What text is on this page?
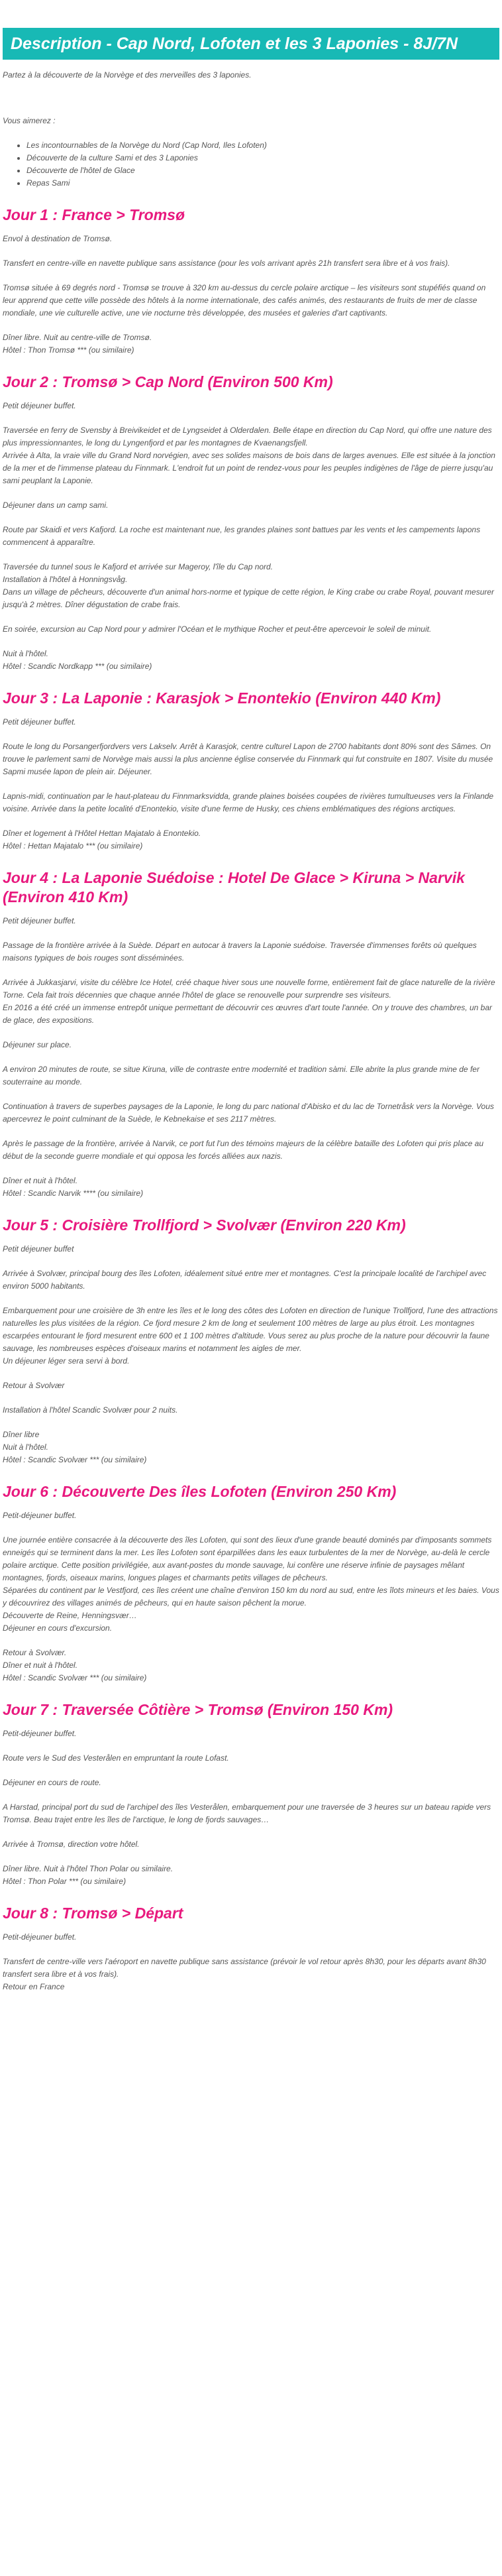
Description - Cap Nord, Lofoten et les 3 Laponies - 8J/7N

Partez à la découverte de la Norvège et des merveilles des 3 laponies.

Vous aimerez :

• Les incontournables de la Norvège du Nord (Cap Nord, Iles Lofoten)
• Découverte de la culture Sami et des 3 Laponies
• Découverte de l'hôtel de Glace
• Repas Sami
Jour 1 : France > Tromsø

Envol à destination de Tromsø.

Transfert en centre-ville en navette publique sans assistance (pour les vols arrivant après 21h transfert sera libre et à vos frais).

Tromsø située à 69 degrés nord - Tromsø se trouve à 320 km au-dessus du cercle polaire arctique – les visiteurs sont stupéfiés quand on leur apprend que cette ville possède des hôtels à la norme internationale, des cafés animés, des restaurants de fruits de mer de classe mondiale, une vie culturelle active, une vie nocturne très développée, des musées et galeries d'art captivants.

Dîner libre. Nuit au centre-ville de Tromsø.

Hôtel : Thon Tromsø *** (ou similaire)

Jour 2 : Tromsø > Cap Nord (Environ 500 Km)

Petit déjeuner buffet.

Traversée en ferry de Svensby à Breivikeidet et de Lyngseidet à Olderdalen. Belle étape en direction du Cap Nord, qui offre une nature des plus impressionnantes, le long du Lyngenfjord et par les montagnes de Kvaenangsfjell.

Arrivée à Alta, la vraie ville du Grand Nord norvégien, avec ses solides maisons de bois dans de larges avenues. Elle est située à la jonction de la mer et de l'immense plateau du Finnmark. L'endroit fut un point de rendez-vous pour les peuples indigènes de l'âge de pierre jusqu'au sami peuplant la Laponie.

Déjeuner dans un camp sami.

Route par Skaidi et vers Kafjord. La roche est maintenant nue, les grandes plaines sont battues par les vents et les campements lapons commencent à apparaître.

Traversée du tunnel sous le Kafjord et arrivée sur Mageroy, l'île du Cap nord.

Installation à l'hôtel à Honningsvåg.

Dans un village de pêcheurs, découverte d'un animal hors-norme et typique de cette région, le King crabe ou crabe Royal, pouvant mesurer jusqu'à 2 mètres. Dîner dégustation de crabe frais.

En soirée, excursion au Cap Nord pour y admirer l'Océan et le mythique Rocher et peut-être apercevoir le soleil de minuit.

Nuit à l'hôtel.

Hôtel : Scandic Nordkapp *** (ou similaire)

Jour 3 : La Laponie : Karasjok > Enontekio (Environ 440 Km)

Petit déjeuner buffet.

Route le long du Porsangerfjordvers vers Lakselv. Arrêt à Karasjok, centre culturel Lapon de 2700 habitants dont 80% sont des Sâmes. On trouve le parlement sami de Norvège mais aussi la plus ancienne église conservée du Finnmark qui fut construite en 1807. Visite du musée Sapmi musée lapon de plein air. Déjeuner.

Lapnis-midi, continuation par le haut-plateau du Finnmarksvidda, grande plaines boisées coupées de rivières tumultueuses vers la Finlande voisine. Arrivée dans la petite localité d'Enontekio, visite d'une ferme de Husky, ces chiens emblématiques des régions arctiques.

Dîner et logement à l'Hôtel Hettan Majatalo à Enontekio.

Hôtel : Hettan Majatalo *** (ou similaire)

Jour 4 : La Laponie Suédoise : Hotel De Glace > Kiruna > Narvik (Environ 410 Km)

Petit déjeuner buffet.

Passage de la frontière arrivée à la Suède. Départ en autocar à travers la Laponie suédoise. Traversée d'immenses forêts où quelques maisons typiques de bois rouges sont disséminées.

Arrivée à Jukkasjarvi, visite du célèbre Ice Hotel, créé chaque hiver sous une nouvelle forme, entièrement fait de glace naturelle de la rivière Torne. Cela fait trois décennies que chaque année l'hôtel de glace se renouvelle pour surprendre ses visiteurs.

En 2016 a été créé un immense entrepôt unique permettant de découvrir ces œuvres d'art toute l'année. On y trouve des chambres, un bar de glace, des expositions.

Déjeuner sur place.

A environ 20 minutes de route, se situe Kiruna, ville de contraste entre modernité et tradition sàmi. Elle abrite la plus grande mine de fer souterraine au monde.

Continuation à travers de superbes paysages de la Laponie, le long du parc national d'Abisko et du lac de Tornetråsk vers la Norvège. Vous apercevrez le point culminant de la Suède, le Kebnekaise et ses 2117 mètres.

Après le passage de la frontière, arrivée à Narvik, ce port fut l'un des témoins majeurs de la célèbre bataille des Lofoten qui pris place au début de la seconde guerre mondiale et qui opposa les forcés alliées aux nazis.

Dîner et nuit à l'hôtel.

Hôtel : Scandic Narvik **** (ou similaire)

Jour 5 : Croisière Trollfjord > Svolvær (Environ 220 Km)

Petit déjeuner buffet

Arrivée à Svolvær, principal bourg des îles Lofoten, idéalement situé entre mer et montagnes. C'est la principale localité de l'archipel avec environ 5000 habitants.

Embarquement pour une croisière de 3h entre les îles et le long des côtes des Lofoten en direction de l'unique Trollfjord, l'une des attractions naturelles les plus visitées de la région. Ce fjord mesure 2 km de long et seulement 100 mètres de large au plus étroit. Les montagnes escarpées entourant le fjord mesurent entre 600 et 1 100 mètres d'altitude. Vous serez au plus proche de la nature pour découvrir la faune sauvage, les nombreuses espèces d'oiseaux marins et notamment les aigles de mer.

Un déjeuner léger sera servi à bord.

Retour à Svolvær

Installation à l'hôtel Scandic Svolvær pour 2 nuits.

Dîner libre

Nuit à l'hôtel.

Hôtel : Scandic Svolvær *** (ou similaire)

Jour 6 : Découverte Des îles Lofoten (Environ 250 Km)

Petit-déjeuner buffet.

Une journée entière consacrée à la découverte des îles Lofoten, qui sont des lieux d'une grande beauté dominés par d'imposants sommets enneigés qui se terminent dans la mer. Les îles Lofoten sont éparpillées dans les eaux turbulentes de la mer de Norvège, au-delà le cercle polaire arctique. Cette position privilégiée, aux avant-postes du monde sauvage, lui confère une réserve infinie de paysages mêlant montagnes, fjords, oiseaux marins, longues plages et charmants petits villages de pêcheurs.

Séparées du continent par le Vestfjord, ces îles créent une chaîne d'environ 150 km du nord au sud, entre les îlots mineurs et les baies. Vous y découvrirez des villages animés de pêcheurs, qui en haute saison pêchent la morue.

Découverte de Reine, Henningsvær…

Déjeuner en cours d'excursion.

Retour à Svolvær.

Dîner et nuit à l'hôtel.

Hôtel : Scandic Svolvær *** (ou similaire)

Jour 7 : Traversée Côtière > Tromsø (Environ 150 Km)

Petit-déjeuner buffet.

Route vers le Sud des Vesterålen en empruntant la route Lofast.

Déjeuner en cours de route.

A Harstad, principal port du sud de l'archipel des îles Vesterålen, embarquement pour une traversée de 3 heures sur un bateau rapide vers Tromsø. Beau trajet entre les îles de l'arctique, le long de fjords sauvages…

Arrivée à Tromsø, direction votre hôtel.

Dîner libre. Nuit à l'hôtel Thon Polar ou similaire.

Hôtel : Thon Polar *** (ou similaire)

Jour 8 : Tromsø > Départ

Petit-déjeuner buffet.

Transfert de centre-ville vers l'aéroport en navette publique sans assistance (prévoir le vol retour après 8h30, pour les départs avant 8h30 transfert sera libre et à vos frais).

Retour en France
